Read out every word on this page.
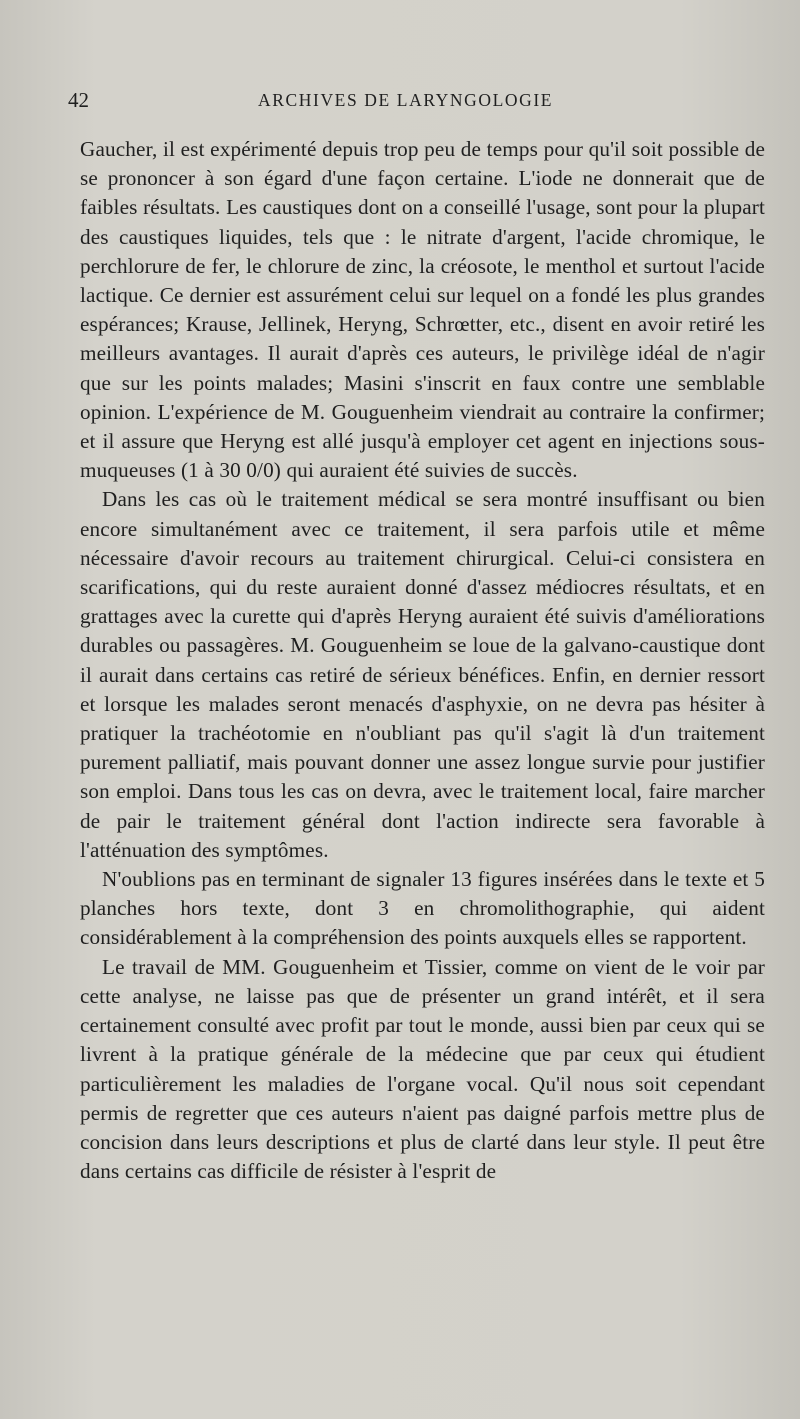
42	ARCHIVES DE LARYNGOLOGIE

Gaucher, il est expérimenté depuis trop peu de temps pour qu'il soit possible de se prononcer à son égard d'une façon certaine. L'iode ne donnerait que de faibles résultats. Les caustiques dont on a conseillé l'usage, sont pour la plupart des caustiques liquides, tels que : le nitrate d'argent, l'acide chromique, le perchlorure de fer, le chlorure de zinc, la créosote, le menthol et surtout l'acide lactique. Ce dernier est assurément celui sur lequel on a fondé les plus grandes espérances; Krause, Jellinek, Heryng, Schrœtter, etc., disent en avoir retiré les meilleurs avantages. Il aurait d'après ces auteurs, le privilège idéal de n'agir que sur les points malades; Masini s'inscrit en faux contre une semblable opinion. L'expérience de M. Gouguenheim viendrait au contraire la confirmer; et il assure que Heryng est allé jusqu'à employer cet agent en injections sous-muqueuses (1 à 30 0/0) qui auraient été suivies de succès.

Dans les cas où le traitement médical se sera montré insuffisant ou bien encore simultanément avec ce traitement, il sera parfois utile et même nécessaire d'avoir recours au traitement chirurgical. Celui-ci consistera en scarifications, qui du reste auraient donné d'assez médiocres résultats, et en grattages avec la curette qui d'après Heryng auraient été suivis d'améliorations durables ou passagères. M. Gouguenheim se loue de la galvano-caustique dont il aurait dans certains cas retiré de sérieux bénéfices. Enfin, en dernier ressort et lorsque les malades seront menacés d'asphyxie, on ne devra pas hésiter à pratiquer la trachéotomie en n'oubliant pas qu'il s'agit là d'un traitement purement palliatif, mais pouvant donner une assez longue survie pour justifier son emploi. Dans tous les cas on devra, avec le traitement local, faire marcher de pair le traitement général dont l'action indirecte sera favorable à l'atténuation des symptômes.

N'oublions pas en terminant de signaler 13 figures insérées dans le texte et 5 planches hors texte, dont 3 en chromolithographie, qui aident considérablement à la compréhension des points auxquels elles se rapportent.

Le travail de MM. Gouguenheim et Tissier, comme on vient de le voir par cette analyse, ne laisse pas que de présenter un grand intérêt, et il sera certainement consulté avec profit par tout le monde, aussi bien par ceux qui se livrent à la pratique générale de la médecine que par ceux qui étudient particulièrement les maladies de l'organe vocal. Qu'il nous soit cependant permis de regretter que ces auteurs n'aient pas daigné parfois mettre plus de concision dans leurs descriptions et plus de clarté dans leur style. Il peut être dans certains cas difficile de résister à l'esprit de
